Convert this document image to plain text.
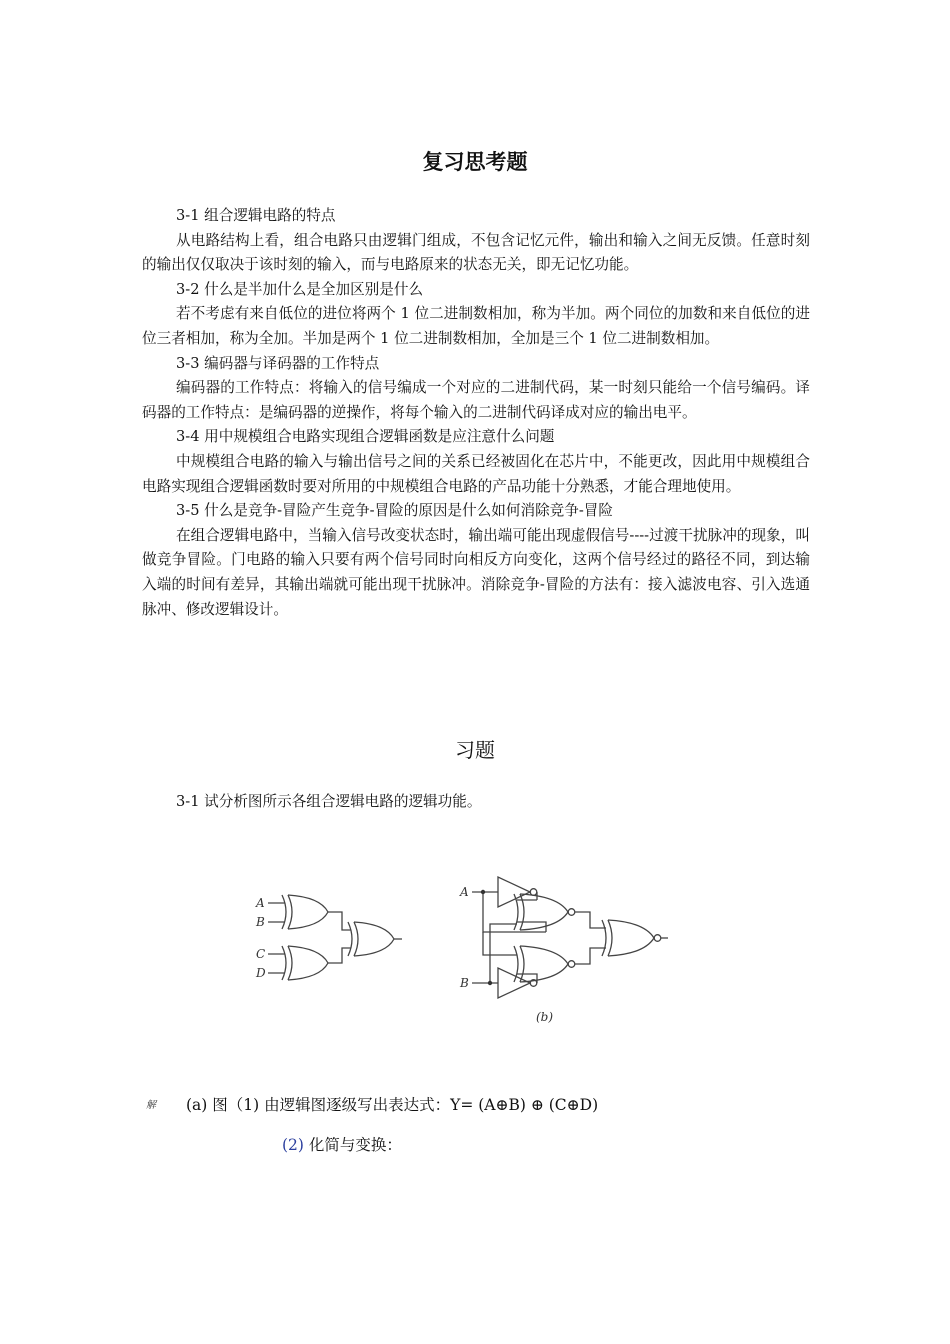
复习思考题

3-1 组合逻辑电路的特点

从电路结构上看，组合电路只由逻辑门组成，不包含记忆元件，输出和输入之间无反馈。任意时刻的输出仅仅取决于该时刻的输入，而与电路原来的状态无关，即无记忆功能。

3-2 什么是半加什么是全加区别是什么

若不考虑有来自低位的进位将两个 1 位二进制数相加，称为半加。两个同位的加数和来自低位的进位三者相加，称为全加。半加是两个 1 位二进制数相加，全加是三个 1 位二进制数相加。

3-3 编码器与译码器的工作特点

编码器的工作特点：将输入的信号编成一个对应的二进制代码，某一时刻只能给一个信号编码。译码器的工作特点：是编码器的逆操作，将每个输入的二进制代码译成对应的输出电平。

3-4 用中规模组合电路实现组合逻辑函数是应注意什么问题

中规模组合电路的输入与输出信号之间的关系已经被固化在芯片中，不能更改，因此用中规模组合电路实现组合逻辑函数时要对所用的中规模组合电路的产品功能十分熟悉，才能合理地使用。

3-5 什么是竞争-冒险产生竞争-冒险的原因是什么如何消除竞争-冒险

在组合逻辑电路中，当输入信号改变状态时，输出端可能出现虚假信号----过渡干扰脉冲的现象，叫做竞争冒险。门电路的输入只要有两个信号同时向相反方向变化，这两个信号经过的路径不同，到达输入端的时间有差异，其输出端就可能出现干扰脉冲。消除竞争-冒险的方法有：接入滤波电容、引入选通脉冲、修改逻辑设计。

习题
3-1 试分析图所示各组合逻辑电路的逻辑功能。
A
B
C
D
A
B
(b)
解 (a) 图（1) 由逻辑图逐级写出表达式：Y= (A⊕B) ⊕ (C⊕D)
(2) 化简与变换：
